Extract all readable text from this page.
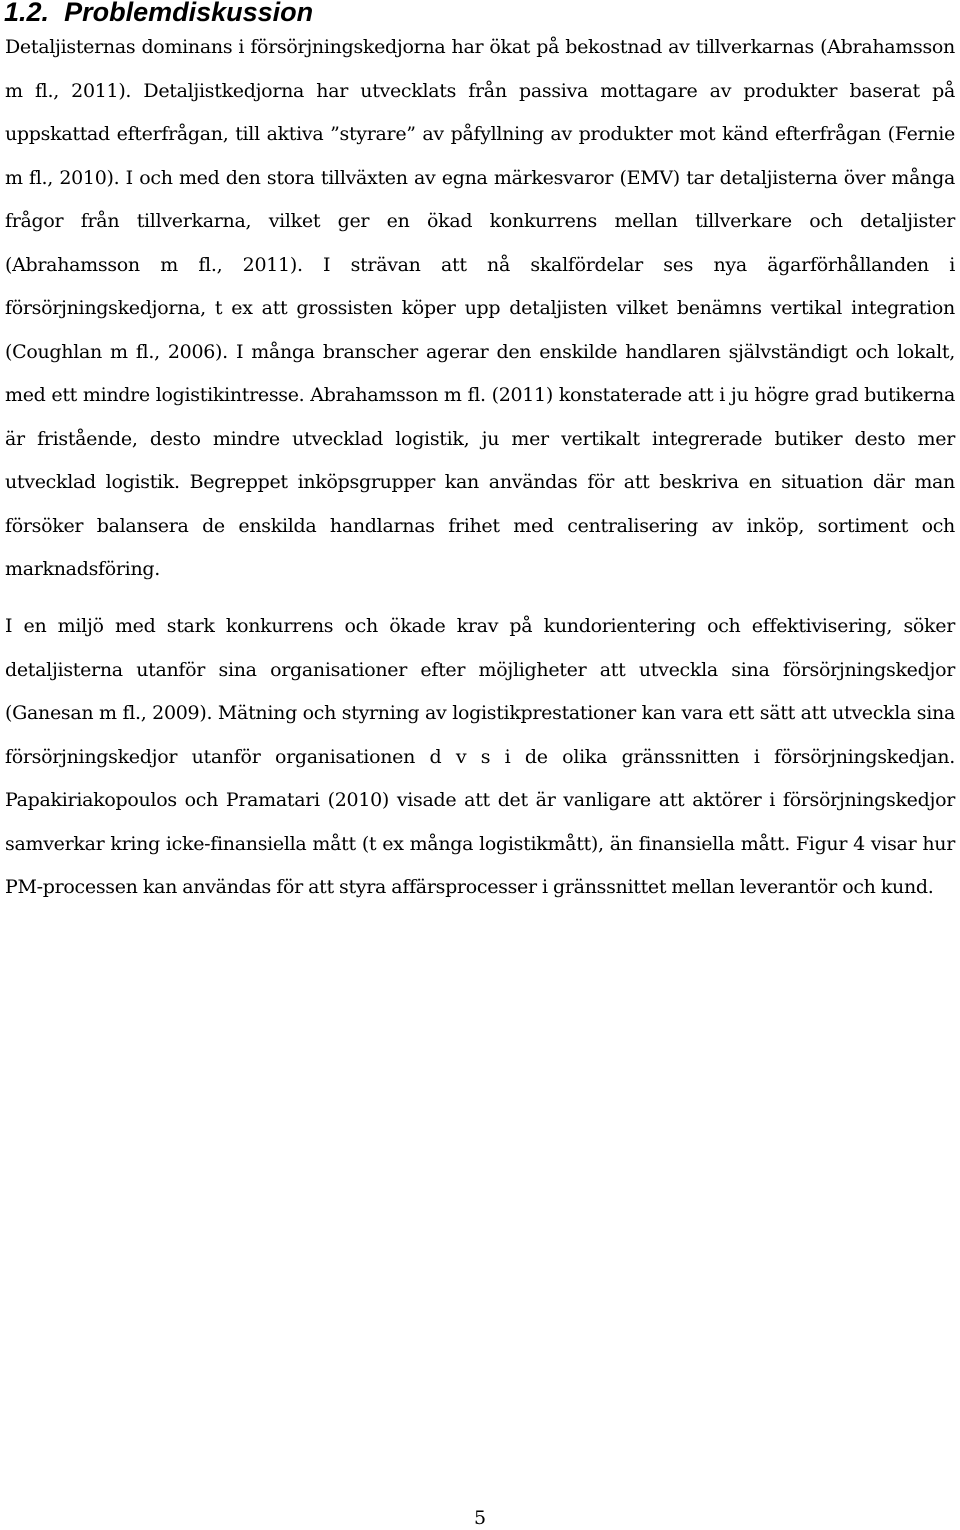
1.2. Problemdiskussion

Detaljisternas dominans i försörjningskedjorna har ökat på bekostnad av tillverkarnas (Abrahamsson m fl., 2011). Detaljistkedjorna har utvecklats från passiva mottagare av produkter baserat på uppskattad efterfrågan, till aktiva ”styrare” av påfyllning av produkter mot känd efterfrågan (Fernie m fl., 2010). I och med den stora tillväxten av egna märkesvaror (EMV) tar detaljisterna över många frågor från tillverkarna, vilket ger en ökad konkurrens mellan tillverkare och detaljister (Abrahamsson m fl., 2011). I strävan att nå skalfördelar ses nya ägarförhållanden i försörjningskedjorna, t ex att grossisten köper upp detaljisten vilket benämns vertikal integration (Coughlan m fl., 2006). I många branscher agerar den enskilde handlaren självständigt och lokalt, med ett mindre logistikintresse. Abrahamsson m fl. (2011) konstaterade att i ju högre grad butikerna är fristående, desto mindre utvecklad logistik, ju mer vertikalt integrerade butiker desto mer utvecklad logistik. Begreppet inköpsgrupper kan användas för att beskriva en situation där man försöker balansera de enskilda handlarnas frihet med centralisering av inköp, sortiment och marknadsföring.

I en miljö med stark konkurrens och ökade krav på kundorientering och effektivisering, söker detaljisterna utanför sina organisationer efter möjligheter att utveckla sina försörjningskedjor (Ganesan m fl., 2009). Mätning och styrning av logistikprestationer kan vara ett sätt att utveckla sina försörjningskedjor utanför organisationen d v s i de olika gränssnitten i försörjningskedjan. Papakiriakopoulos och Pramatari (2010) visade att det är vanligare att aktörer i försörjningskedjor samverkar kring icke-finansiella mått (t ex många logistikmått), än finansiella mått. Figur 4 visar hur PM-processen kan användas för att styra affärsprocesser i gränssnittet mellan leverantör och kund.

5
